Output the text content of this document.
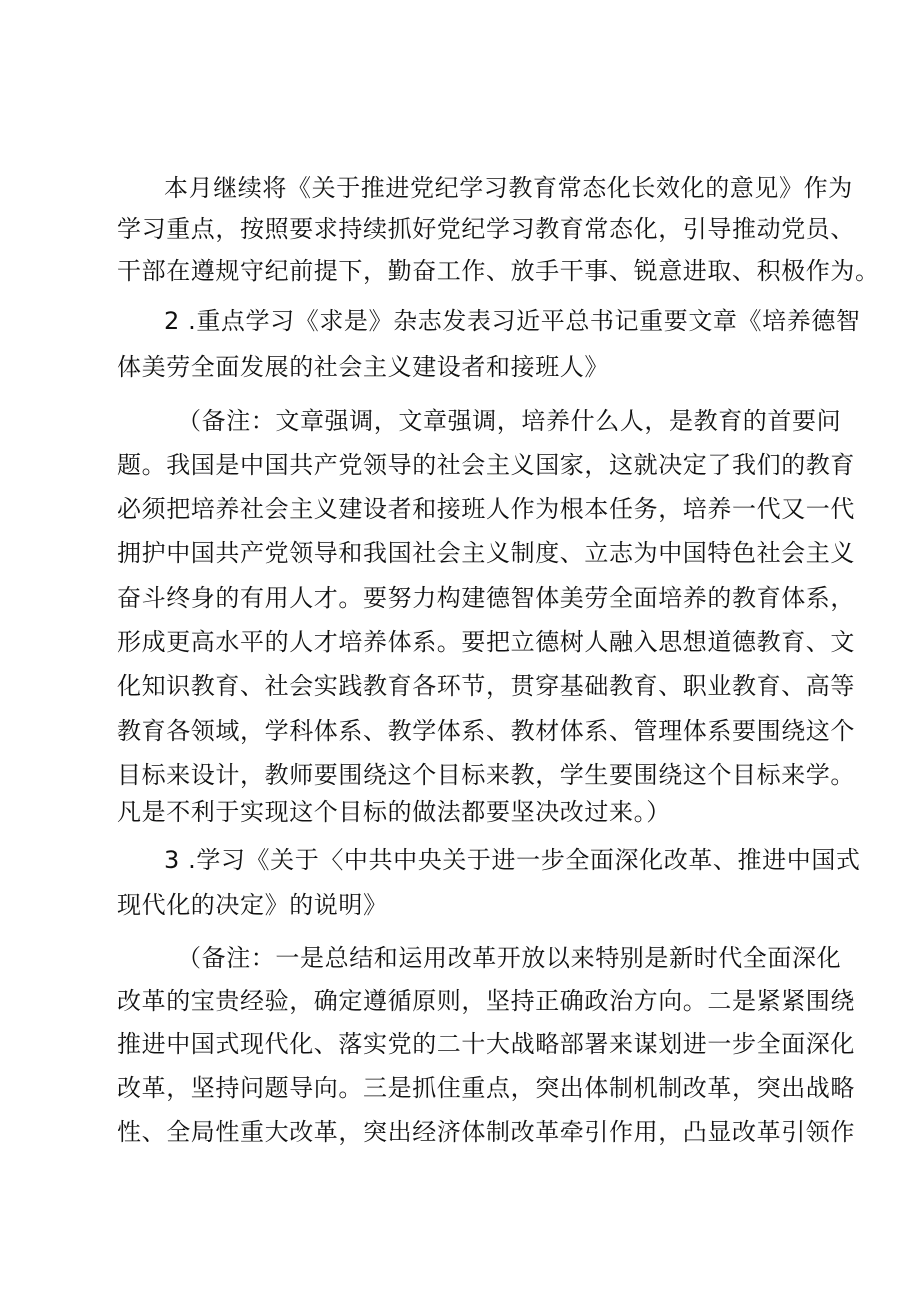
本月继续将《关于推进党纪学习教育常态化长效化的意见》作为
学习重点，按照要求持续抓好党纪学习教育常态化，引导推动党员、
干部在遵规守纪前提下，勤奋工作、放手干事、锐意进取、积极作为。
2 .重点学习《求是》杂志发表习近平总书记重要文章《培养德智
体美劳全面发展的社会主义建设者和接班人》
（备注：文章强调，文章强调，培养什么人，是教育的首要问
题。我国是中国共产党领导的社会主义国家，这就决定了我们的教育
必须把培养社会主义建设者和接班人作为根本任务，培养一代又一代
拥护中国共产党领导和我国社会主义制度、立志为中国特色社会主义
奋斗终身的有用人才。要努力构建德智体美劳全面培养的教育体系，
形成更高水平的人才培养体系。要把立德树人融入思想道德教育、文
化知识教育、社会实践教育各环节，贯穿基础教育、职业教育、高等
教育各领域，学科体系、教学体系、教材体系、管理体系要围绕这个
目标来设计，教师要围绕这个目标来教，学生要围绕这个目标来学。
凡是不利于实现这个目标的做法都要坚决改过来。）
3 .学习《关于〈中共中央关于进一步全面深化改革、推进中国式
现代化的决定》的说明》
（备注：一是总结和运用改革开放以来特别是新时代全面深化
改革的宝贵经验，确定遵循原则，坚持正确政治方向。二是紧紧围绕
推进中国式现代化、落实党的二十大战略部署来谋划进一步全面深化
改革，坚持问题导向。三是抓住重点，突出体制机制改革，突出战略
性、全局性重大改革，突出经济体制改革牵引作用，凸显改革引领作
